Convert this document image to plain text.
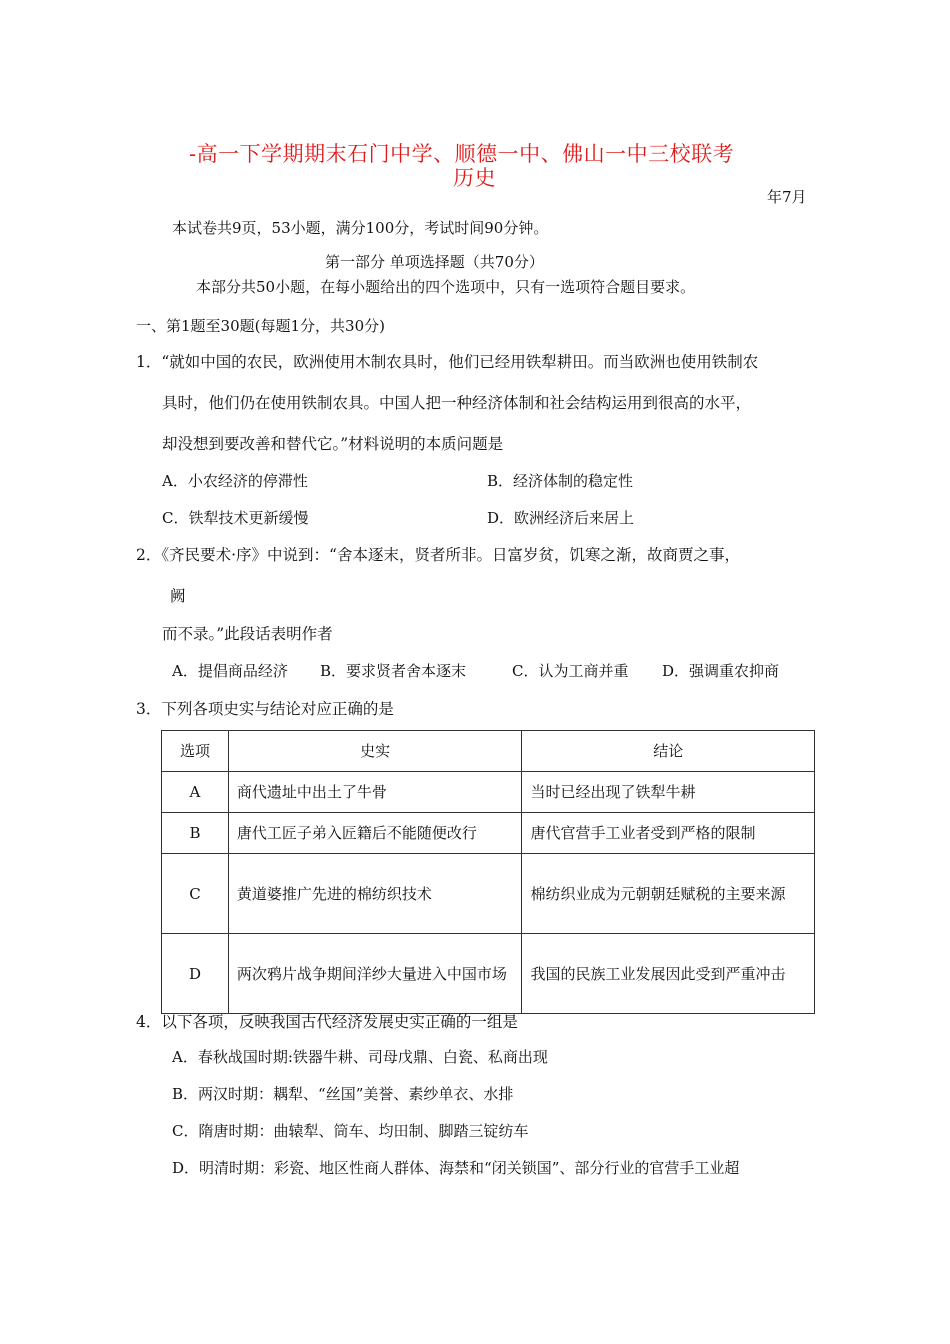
-高一下学期期末石门中学、顺德一中、佛山一中三校联考
历史
年7月
本试卷共9页，53小题，满分100分，考试时间90分钟。
第一部分 单项选择题（共70分）
本部分共50小题，在每小题给出的四个选项中，只有一选项符合题目要求。
一、第1题至30题(每题1分，共30分)
1．“就如中国的农民，欧洲使用木制农具时，他们已经用铁犁耕田。而当欧洲也使用铁制农
具时，他们仍在使用铁制农具。中国人把一种经济体制和社会结构运用到很高的水平，
却没想到要改善和替代它。”材料说明的本质问题是
A．小农经济的停滞性	B．经济体制的稳定性
C．铁犁技术更新缓慢	D．欧洲经济后来居上
2．《齐民要术·序》中说到：“舍本逐末，贤者所非。日富岁贫，饥寒之渐，故商贾之事，
阙
而不录。”此段话表明作者
A．提倡商品经济 B．要求贤者舍本逐末	C．认为工商并重 D．强调重农抑商
3．下列各项史实与结论对应正确的是
选项	史实	结论
A	商代遗址中出土了牛骨	当时已经出现了铁犁牛耕
B	唐代工匠子弟入匠籍后不能随便改行	唐代官营手工业者受到严格的限制
C	黄道婆推广先进的棉纺织技术	棉纺织业成为元朝朝廷赋税的主要来源
D	两次鸦片战争期间洋纱大量进入中国市场	我国的民族工业发展因此受到严重冲击
4．以下各项，反映我国古代经济发展史实正确的一组是
A．春秋战国时期:铁器牛耕、司母戊鼎、白瓷、私商出现
B．两汉时期：耦犁、“丝国”美誉、素纱单衣、水排
C．隋唐时期：曲辕犁、筒车、均田制、脚踏三锭纺车
D．明清时期：彩瓷、地区性商人群体、海禁和“闭关锁国”、部分行业的官营手工业超
